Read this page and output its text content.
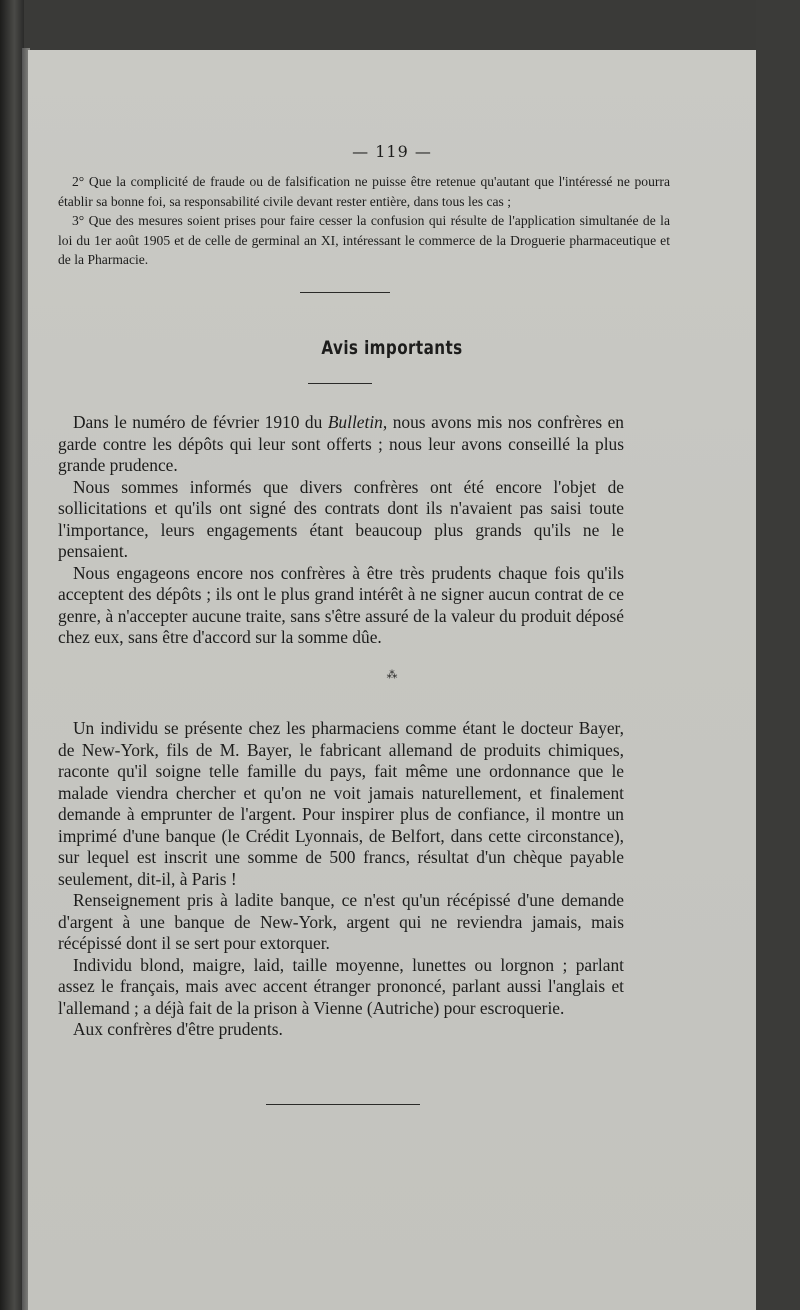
— 119 —

2° Que la complicité de fraude ou de falsification ne puisse être retenue qu'autant que l'intéressé ne pourra établir sa bonne foi, sa responsabilité civile devant rester entière, dans tous les cas ;

3° Que des mesures soient prises pour faire cesser la confusion qui résulte de l'application simultanée de la loi du 1er août 1905 et de celle de germinal an XI, intéressant le commerce de la Droguerie pharmaceutique et de la Pharmacie.

Avis importants

Dans le numéro de février 1910 du Bulletin, nous avons mis nos confrères en garde contre les dépôts qui leur sont offerts ; nous leur avons conseillé la plus grande prudence.

Nous sommes informés que divers confrères ont été encore l'objet de sollicitations et qu'ils ont signé des contrats dont ils n'avaient pas saisi toute l'importance, leurs engagements étant beaucoup plus grands qu'ils ne le pensaient.

Nous engageons encore nos confrères à être très prudents chaque fois qu'ils acceptent des dépôts ; ils ont le plus grand intérêt à ne signer aucun contrat de ce genre, à n'accepter aucune traite, sans s'être assuré de la valeur du produit déposé chez eux, sans être d'accord sur la somme dûe.

⁂

Un individu se présente chez les pharmaciens comme étant le docteur Bayer, de New-York, fils de M. Bayer, le fabricant allemand de produits chimiques, raconte qu'il soigne telle famille du pays, fait même une ordonnance que le malade viendra chercher et qu'on ne voit jamais naturellement, et finalement demande à emprunter de l'argent. Pour inspirer plus de confiance, il montre un imprimé d'une banque (le Crédit Lyonnais, de Belfort, dans cette circonstance), sur lequel est inscrit une somme de 500 francs, résultat d'un chèque payable seulement, dit-il, à Paris !

Renseignement pris à ladite banque, ce n'est qu'un récépissé d'une demande d'argent à une banque de New-York, argent qui ne reviendra jamais, mais récépissé dont il se sert pour extorquer.

Individu blond, maigre, laid, taille moyenne, lunettes ou lorgnon ; parlant assez le français, mais avec accent étranger prononcé, parlant aussi l'anglais et l'allemand ; a déjà fait de la prison à Vienne (Autriche) pour escroquerie.

Aux confrères d'être prudents.
